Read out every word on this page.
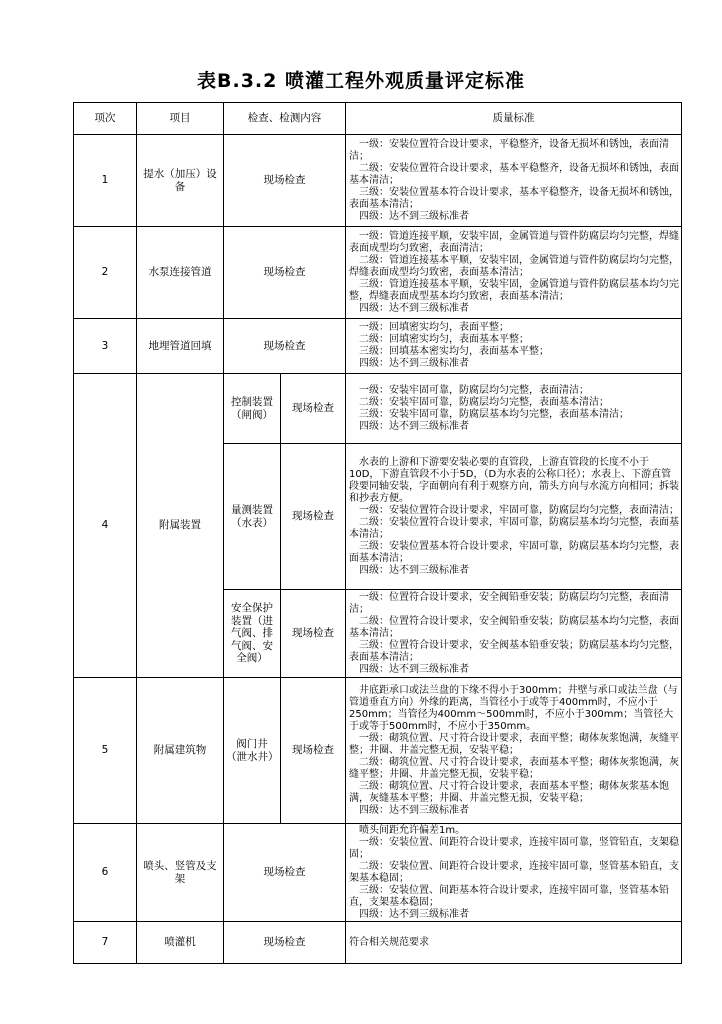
表B.3.2 喷灌工程外观质量评定标准
项次	项目	检查、检测内容		质量标准
1	提水（加压）设备	现场检查		一级：安装位置符合设计要求，平稳整齐，设备无损坏和锈蚀，表面清洁；
二级：安装位置符合设计要求，基本平稳整齐，设备无损坏和锈蚀，表面基本清洁；
三级：安装位置基本符合设计要求，基本平稳整齐，设备无损坏和锈蚀，表面基本清洁；
四级：达不到三级标准者

2	水泵连接管道	现场检查		一级：管道连接平顺，安装牢固，金属管道与管件防腐层均匀完整，焊缝表面成型均匀致密，表面清洁；
二级：管道连接基本平顺，安装牢固，金属管道与管件防腐层均匀完整，焊缝表面成型均匀致密，表面基本清洁；
三级：管道连接基本平顺，安装牢固，金属管道与管件防腐层基本均匀完整，焊缝表面成型基本均匀致密，表面基本清洁；
四级：达不到三级标准者

3	地埋管道回填	现场检查		一级：回填密实均匀，表面平整；
二级：回填密实均匀，表面基本平整；
三级：回填基本密实均匀，表面基本平整；
四级：达不到三级标准者

4	附属装置	控制装置（闸阀）	现场检查	一级：安装牢固可靠，防腐层均匀完整，表面清洁；
二级：安装牢固可靠，防腐层均匀完整，表面基本清洁；
三级：安装牢固可靠，防腐层基本均匀完整，表面基本清洁；
四级：达不到三级标准者

		量测装置（水表）	现场检查	水表的上游和下游要安装必要的直管段，上游直管段的长度不小于10D，下游直管段不小于5D，（D为水表的公称口径）；水表上、下游直管段要同轴安装，字面朝向有利于观察方向，箭头方向与水流方向相同；拆装和抄表方便。
一级：安装位置符合设计要求，牢固可靠，防腐层均匀完整，表面清洁；
二级：安装位置符合设计要求，牢固可靠，防腐层基本均匀完整，表面基本清洁；
三级：安装位置基本符合设计要求，牢固可靠，防腐层基本均匀完整，表面基本清洁；
四级：达不到三级标准者

		安全保护装置（进气阀、排气阀、安全阀）	现场检查	一级：位置符合设计要求，安全阀铅垂安装；防腐层均匀完整，表面清洁；
二级：位置符合设计要求，安全阀铅垂安装；防腐层基本均匀完整，表面基本清洁；
三级：位置符合设计要求，安全阀基本铅垂安装；防腐层基本均匀完整，表面基本清洁；
四级：达不到三级标准者

5	附属建筑物	阀门井（泄水井）	现场检查	井底距承口或法兰盘的下缘不得小于300mm；井壁与承口或法兰盘（与管道垂直方向）外缘的距离，当管径小于或等于400mm时，不应小于250mm；当管径为400mm～500mm时，不应小于300mm；当管径大于或等于500mm时，不应小于350mm。
一级：砌筑位置、尺寸符合设计要求，表面平整；砌体灰浆饱满，灰缝平整；井圈、井盖完整无损，安装平稳；
二级：砌筑位置、尺寸符合设计要求，表面基本平整；砌体灰浆饱满，灰缝平整；井圈、井盖完整无损，安装平稳；
三级：砌筑位置、尺寸符合设计要求，表面基本平整；砌体灰浆基本饱满，灰缝基本平整；井圈、井盖完整无损，安装平稳；
四级：达不到三级标准者

6	喷头、竖管及支架	现场检查		喷头间距允许偏差1m。
一级：安装位置、间距符合设计要求，连接牢固可靠，竖管铅直，支架稳固；
二级：安装位置、间距符合设计要求，连接牢固可靠，竖管基本铅直，支架基本稳固；
三级：安装位置、间距基本符合设计要求，连接牢固可靠，竖管基本铅直，支架基本稳固；
四级：达不到三级标准者

7	喷灌机	现场检查		符合相关规范要求
